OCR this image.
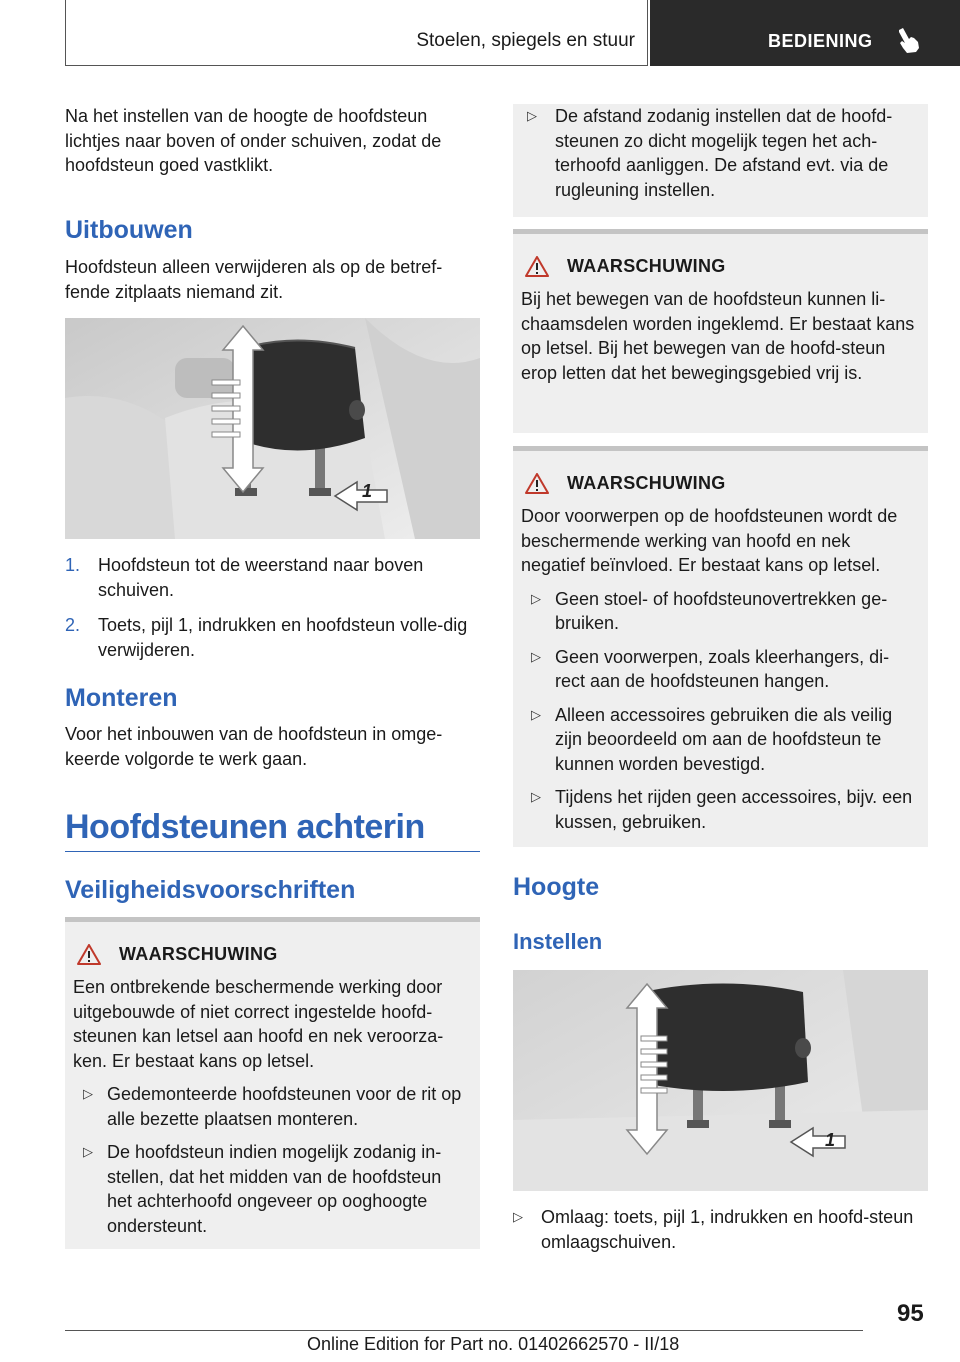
Stoelen, spiegels en stuur	BEDIENING

Na het instellen van de hoogte de hoofdsteun lichtjes naar boven of onder schuiven, zodat de hoofdsteun goed vastklikt.

Uitbouwen

Hoofdsteun alleen verwijderen als op de betref-fende zitplaats niemand zit.

1
1. Hoofdsteun tot de weerstand naar boven schuiven.
2. Toets, pijl 1, indrukken en hoofdsteun volle-dig verwijderen.
Monteren

Voor het inbouwen van de hoofdsteun in omge-keerde volgorde te werk gaan.

Hoofdsteunen achterin
Veiligheidsvoorschriften
WAARSCHUWING

Een ontbrekende beschermende werking door uitgebouwde of niet correct ingestelde hoofd-steunen kan letsel aan hoofd en nek veroorza-ken. Er bestaat kans op letsel.

▷ Gedemonteerde hoofdsteunen voor de rit op alle bezette plaatsen monteren.
▷ De hoofdsteun indien mogelijk zodanig in-stellen, dat het midden van de hoofdsteun het achterhoofd ongeveer op ooghoogte ondersteunt.
▷ De afstand zodanig instellen dat de hoofd-steunen zo dicht mogelijk tegen het ach-terhoofd aanliggen. De afstand evt. via de rugleuning instellen.
WAARSCHUWING

Bij het bewegen van de hoofdsteun kunnen li-chaamsdelen worden ingeklemd. Er bestaat kans op letsel. Bij het bewegen van de hoofd-steun erop letten dat het bewegingsgebied vrij is.

WAARSCHUWING

Door voorwerpen op de hoofdsteunen wordt de beschermende werking van hoofd en nek negatief beïnvloed. Er bestaat kans op letsel.

▷ Geen stoel- of hoofdsteunovertrekken ge-bruiken.
▷ Geen voorwerpen, zoals kleerhangers, di-rect aan de hoofdsteunen hangen.
▷ Alleen accessoires gebruiken die als veilig zijn beoordeeld om aan de hoofdsteun te kunnen worden bevestigd.
▷ Tijdens het rijden geen accessoires, bijv. een kussen, gebruiken.
Hoogte
Instellen
1
▷ Omlaag: toets, pijl 1, indrukken en hoofd-steun omlaagschuiven.
95
Online Edition for Part no. 01402662570 - II/18
